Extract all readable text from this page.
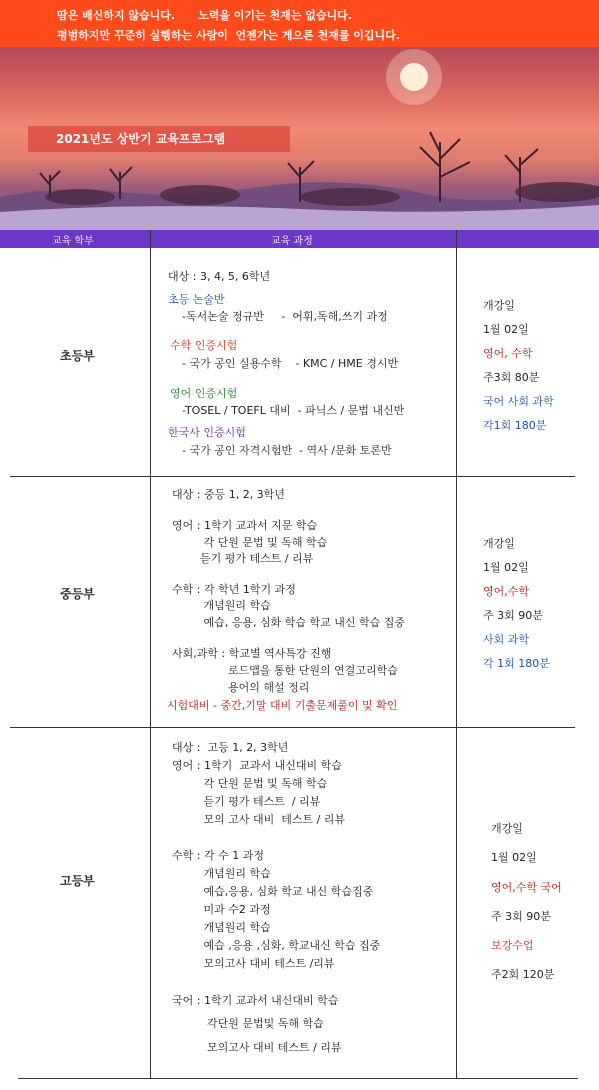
땀은 배신하지 않습니다.      노력을 이기는 천재는 없습니다.
평범하지만 꾸준히 실행하는 사람이  언젠가는 게으른 천재를 이깁니다.
2021년도 상반기 교육프로그램
교육 학부	교육 과정
초등부
대상 : 3, 4, 5, 6학년
초등 논술반
-독서논술 정규반     -  어휘,독해,쓰기 과정
수학 인증시험
- 국가 공인 실용수학    - KMC / HME 경시반
영어 인증시험
-TOSEL / TOEFL 대비  - 파닉스 / 문법 내신반
한국사 인증시험
- 국가 공인 자격시험반  - 역사 /문화 토론반
개강일
1월 02일
영어, 수학
주3회 80분
국어 사회 과학
각1회 180분
중등부
대상 : 중등 1, 2, 3학년
영어 : 1학기 교과서 지문 학습
각 단원 문법 및 독해 학습
듣기 평가 테스트 / 리뷰
수학 : 각 학년 1학기 과정
개념원리 학습
예습, 응용, 심화 학습 학교 내신 학습 집중
사회,과학 : 학교별 역사특강 진행
로드맵을 통한 단원의 연결고리학습
용어의 해설 정리
시험대비 - 중간,기말 대비 기출문제풀이 및 확인
개강일
1월 02일
영어,수학
주 3회 90분
사회 과학
각 1회 180분
고등부
대상 :  고등 1, 2, 3학년
영어 : 1학기  교과서 내신대비 학습
각 단원 문법 및 독해 학습
듣기 평가 테스트  / 리뷰
모의 고사 대비  테스트 / 리뷰
수학 : 각 수 1 과정
개념원리 학습
예습,응용, 심화 학교 내신 학습집중
미과 수2 과정
개념원리 학습
예습 ,응용 ,심화, 학교내신 학습 집중
모의고사 대비 테스트 /리뷰
국어 : 1학기 교과서 내신대비 학습
각단원 문법및 독해 학습
모의고사 대비 테스트 / 리뷰
개강일
1월 02일
영어,수학 국어
주 3회 90분
보강수업
주2회 120분
